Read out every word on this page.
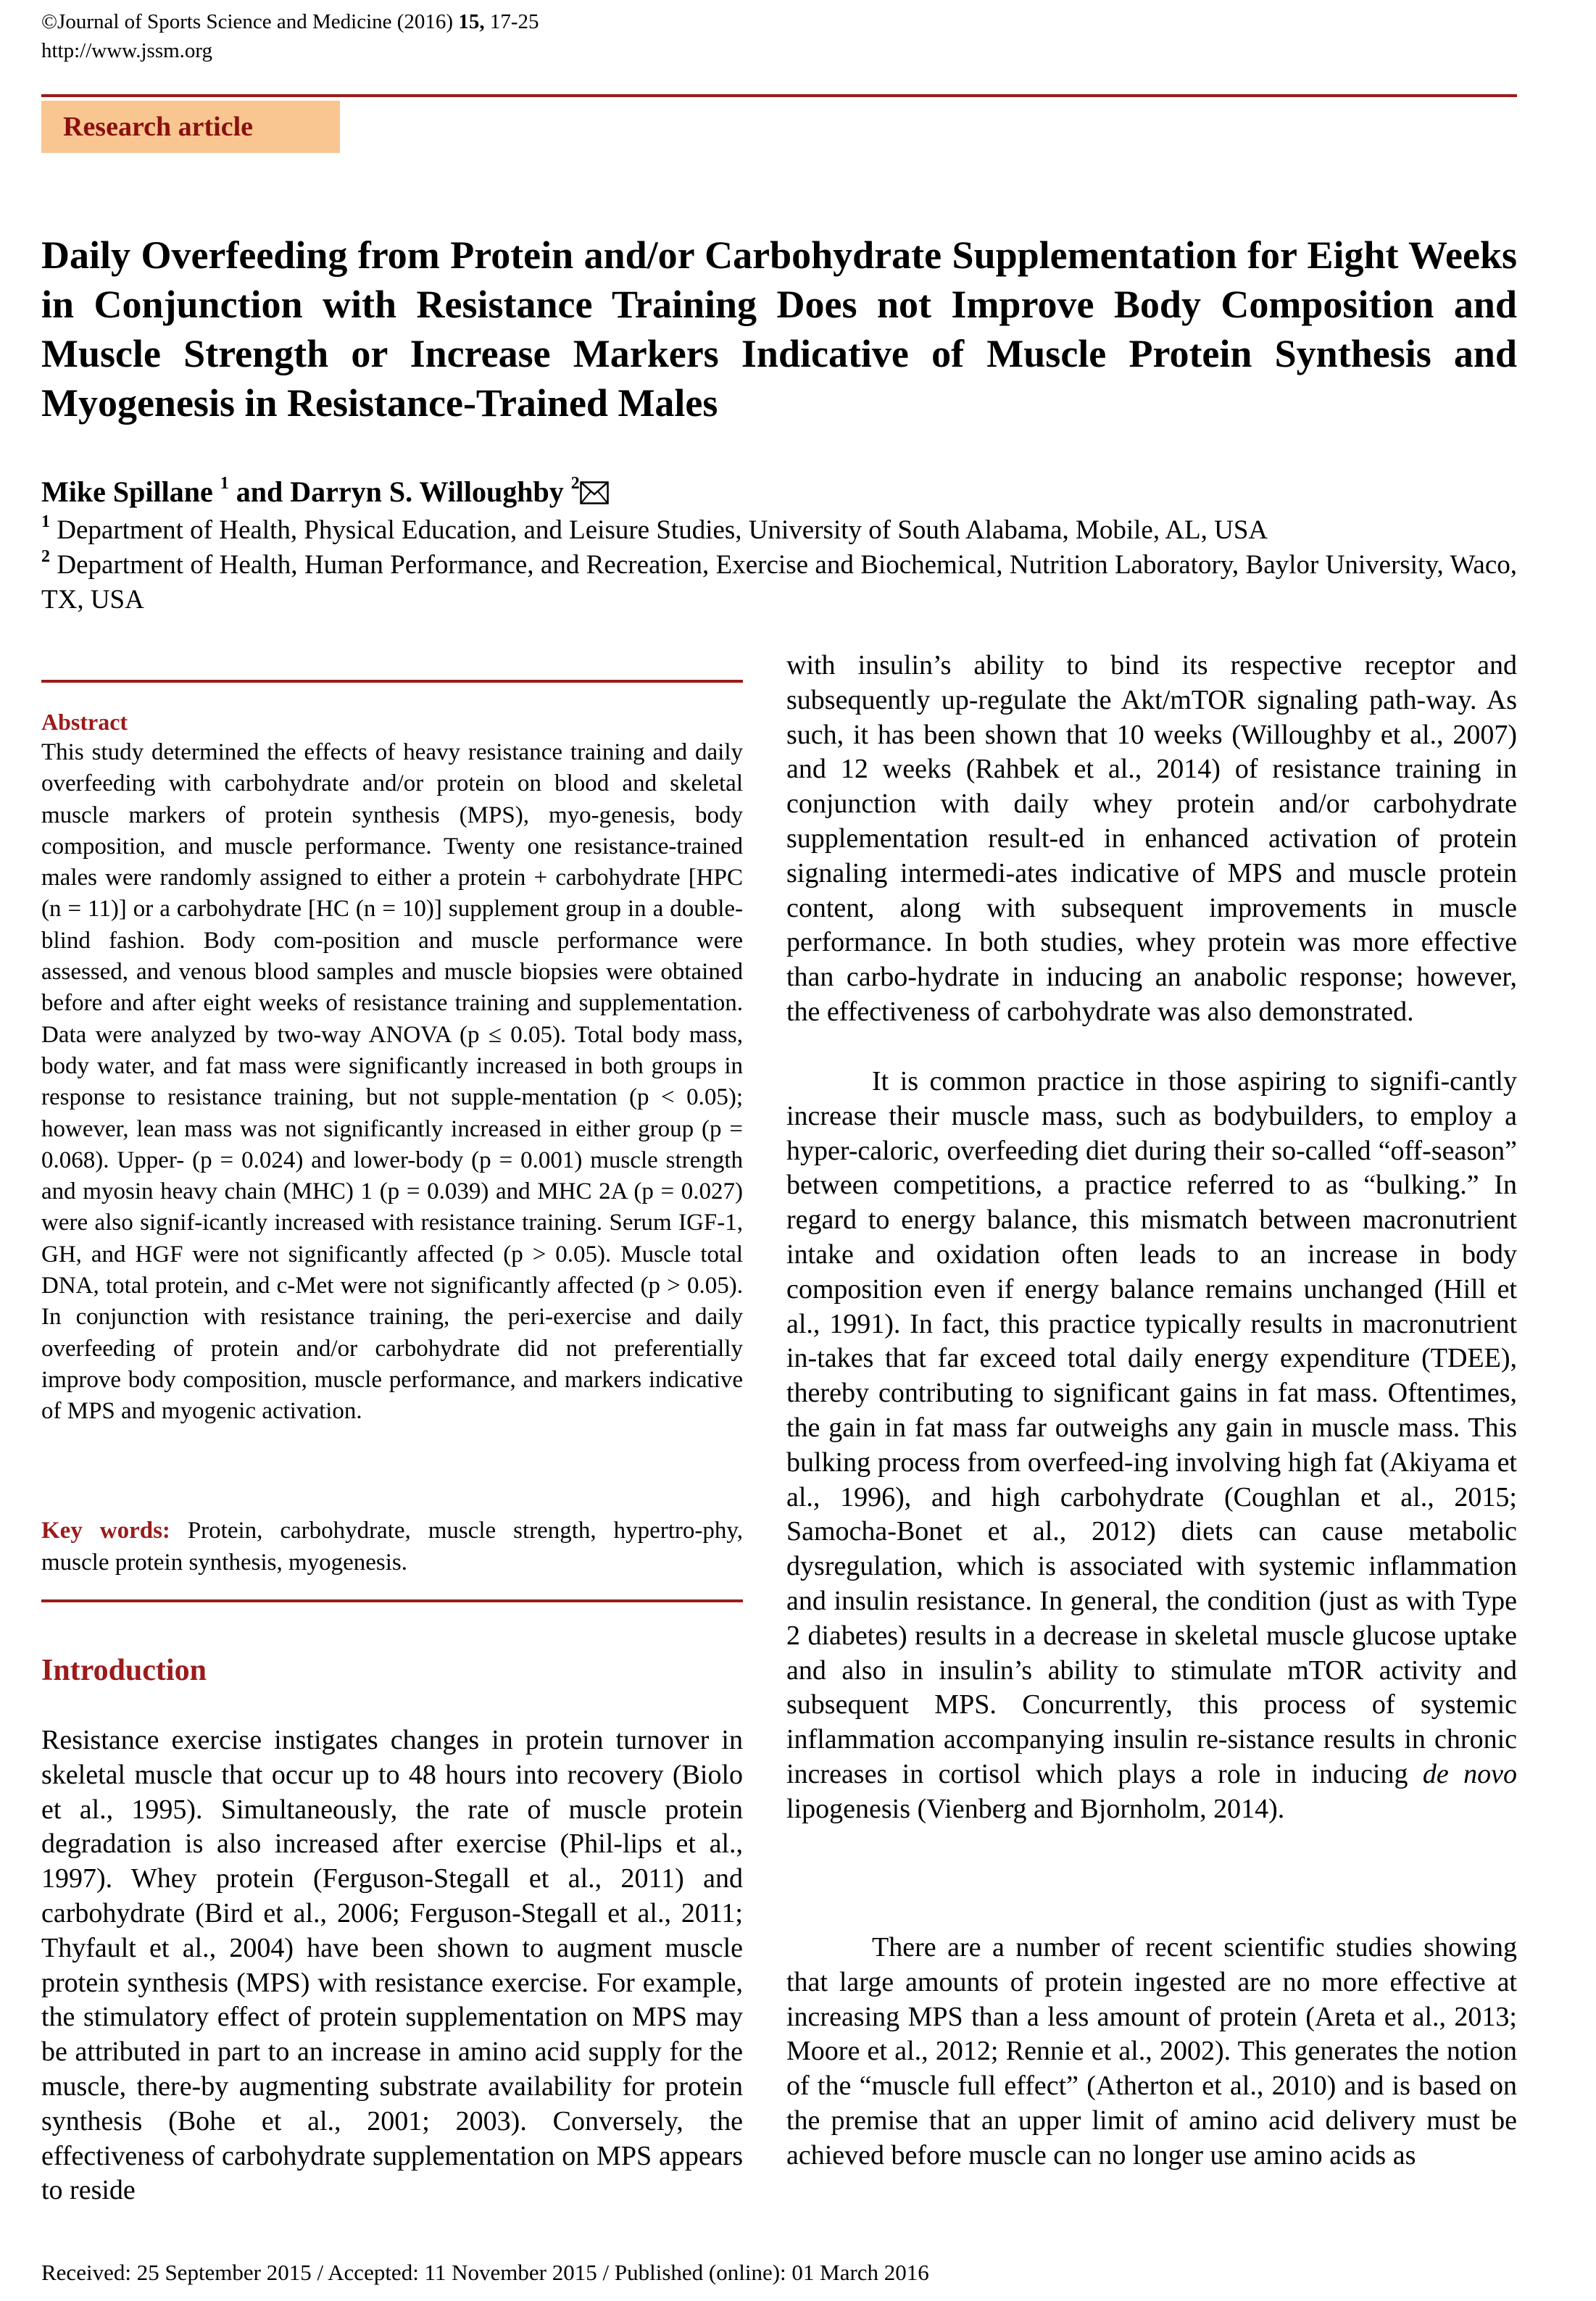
©Journal of Sports Science and Medicine (2016) 15, 17-25
http://www.jssm.org
Research article
Daily Overfeeding from Protein and/or Carbohydrate Supplementation for Eight Weeks in Conjunction with Resistance Training Does not Improve Body Composition and Muscle Strength or Increase Markers Indicative of Muscle Protein Synthesis and Myogenesis in Resistance-Trained Males
Mike Spillane $^1$ and Darryn S. Willoughby $^2$
$^1$ Department of Health, Physical Education, and Leisure Studies, University of South Alabama, Mobile, AL, USA
$^2$ Department of Health, Human Performance, and Recreation, Exercise and Biochemical, Nutrition Laboratory, Baylor University, Waco, TX, USA
Abstract

This study determined the effects of heavy resistance training and daily overfeeding with carbohydrate and/or protein on blood and skeletal muscle markers of protein synthesis (MPS), myo-genesis, body composition, and muscle performance. Twenty one resistance-trained males were randomly assigned to either a protein + carbohydrate [HPC (n = 11)] or a carbohydrate [HC (n = 10)] supplement group in a double-blind fashion. Body com-position and muscle performance were assessed, and venous blood samples and muscle biopsies were obtained before and after eight weeks of resistance training and supplementation. Data were analyzed by two-way ANOVA (p ≤ 0.05). Total body mass, body water, and fat mass were significantly increased in both groups in response to resistance training, but not supple-mentation (p < 0.05); however, lean mass was not significantly increased in either group (p = 0.068). Upper- (p = 0.024) and lower-body (p = 0.001) muscle strength and myosin heavy chain (MHC) 1 (p = 0.039) and MHC 2A (p = 0.027) were also signif-icantly increased with resistance training. Serum IGF-1, GH, and HGF were not significantly affected (p > 0.05). Muscle total DNA, total protein, and c-Met were not significantly affected (p > 0.05). In conjunction with resistance training, the peri-exercise and daily overfeeding of protein and/or carbohydrate did not preferentially improve body composition, muscle performance, and markers indicative of MPS and myogenic activation.

Key words: Protein, carbohydrate, muscle strength, hypertro-phy, muscle protein synthesis, myogenesis.

Introduction

Resistance exercise instigates changes in protein turnover in skeletal muscle that occur up to 48 hours into recovery (Biolo et al., 1995). Simultaneously, the rate of muscle protein degradation is also increased after exercise (Phil-lips et al., 1997). Whey protein (Ferguson-Stegall et al., 2011) and carbohydrate (Bird et al., 2006; Ferguson-Stegall et al., 2011; Thyfault et al., 2004) have been shown to augment muscle protein synthesis (MPS) with resistance exercise. For example, the stimulatory effect of protein supplementation on MPS may be attributed in part to an increase in amino acid supply for the muscle, there-by augmenting substrate availability for protein synthesis (Bohe et al., 2001; 2003). Conversely, the effectiveness of carbohydrate supplementation on MPS appears to reside

with insulin’s ability to bind its respective receptor and subsequently up-regulate the Akt/mTOR signaling path-way. As such, it has been shown that 10 weeks (Willoughby et al., 2007) and 12 weeks (Rahbek et al., 2014) of resistance training in conjunction with daily whey protein and/or carbohydrate supplementation result-ed in enhanced activation of protein signaling intermedi-ates indicative of MPS and muscle protein content, along with subsequent improvements in muscle performance. In both studies, whey protein was more effective than carbo-hydrate in inducing an anabolic response; however, the effectiveness of carbohydrate was also demonstrated.

It is common practice in those aspiring to signifi-cantly increase their muscle mass, such as bodybuilders, to employ a hyper-caloric, overfeeding diet during their so-called “off-season” between competitions, a practice referred to as “bulking.” In regard to energy balance, this mismatch between macronutrient intake and oxidation often leads to an increase in body composition even if energy balance remains unchanged (Hill et al., 1991). In fact, this practice typically results in macronutrient in-takes that far exceed total daily energy expenditure (TDEE), thereby contributing to significant gains in fat mass. Oftentimes, the gain in fat mass far outweighs any gain in muscle mass. This bulking process from overfeed-ing involving high fat (Akiyama et al., 1996), and high carbohydrate (Coughlan et al., 2015; Samocha-Bonet et al., 2012) diets can cause metabolic dysregulation, which is associated with systemic inflammation and insulin resistance. In general, the condition (just as with Type 2 diabetes) results in a decrease in skeletal muscle glucose uptake and also in insulin’s ability to stimulate mTOR activity and subsequent MPS. Concurrently, this process of systemic inflammation accompanying insulin re-sistance results in chronic increases in cortisol which plays a role in inducing de novo lipogenesis (Vienberg and Bjornholm, 2014).

There are a number of recent scientific studies showing that large amounts of protein ingested are no more effective at increasing MPS than a less amount of protein (Areta et al., 2013; Moore et al., 2012; Rennie et al., 2002). This generates the notion of the “muscle full effect” (Atherton et al., 2010) and is based on the premise that an upper limit of amino acid delivery must be achieved before muscle can no longer use amino acids as

Received: 25 September 2015 / Accepted: 11 November 2015 / Published (online): 01 March 2016
